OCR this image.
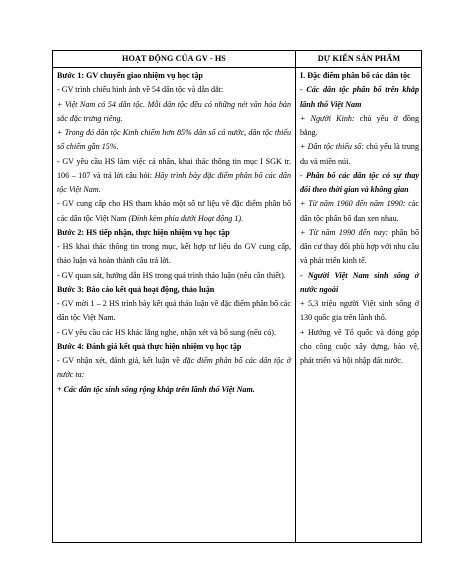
HOẠT ĐỘNG CỦA GV - HS	DỰ KIẾN SẢN PHẨM

Bước 1: GV chuyển giao nhiệm vụ học tập

- GV trình chiếu hình ảnh về 54 dân tộc và dẫn dắt:

+ Việt Nam có 54 dân tộc. Mỗi dân tộc đều có những nét văn hóa bản sắc đặc trưng riêng.

+ Trong đó dân tộc Kinh chiếm hơn 85% dân số cả nước, dân tộc thiểu số chiếm gần 15%.

- GV yêu cầu HS làm việc cá nhân, khai thác thông tin mục I SGK tr. 106 – 107 và trả lời câu hỏi: Hãy trình bày đặc điểm phân bố các dân tộc Việt Nam.

- GV cung cấp cho HS tham khảo một số tư liệu về đặc điểm phân bố các dân tộc Việt Nam (Đính kèm phía dưới Hoạt động 1).

Bước 2: HS tiếp nhận, thực hiện nhiệm vụ học tập

- HS khai thác thông tin trong mục, kết hợp tư liệu do GV cung cấp, thảo luận và hoàn thành câu trả lời.

- GV quan sát, hướng dẫn HS trong quá trình thảo luận (nếu cần thiết).

Bước 3: Báo cáo kết quả hoạt động, thảo luận

- GV mời 1 – 2 HS trình bày kết quả thảo luận về đặc điểm phân bố các dân tộc Việt Nam.

- GV yêu cầu các HS khác lắng nghe, nhận xét và bổ sung (nếu có).

Bước 4: Đánh giá kết quả thực hiện nhiệm vụ học tập

- GV nhận xét, đánh giá, kết luận về đặc điểm phân bố các dân tộc ở nước ta:

+ Các dân tộc sinh sống rộng khắp trên lãnh thổ Việt Nam.

I. Đặc điểm phân bố các dân tộc

- Các dân tộc phân bố trên khắp lãnh thổ Việt Nam

+ Người Kinh: chủ yếu ở đồng bằng.

+ Dân tộc thiểu số: chủ yếu là trung du và miền núi.

- Phân bố các dân tộc có sự thay đổi theo thời gian và không gian

+ Từ năm 1960 đến năm 1990: các dân tộc phân bố đan xen nhau.

+ Từ năm 1990 đến nay: phân bố dân cư thay đổi phù hợp với nhu cầu và phát triển kinh tế.

- Người Việt Nam sinh sống ở nước ngoài

+ 5,3 triệu người Việt sinh sống ở 130 quốc gia trên lãnh thổ.

+ Hướng về Tổ quốc và đóng góp cho công cuộc xây dựng, bảo vệ, phát triển và hội nhập đất nước.
